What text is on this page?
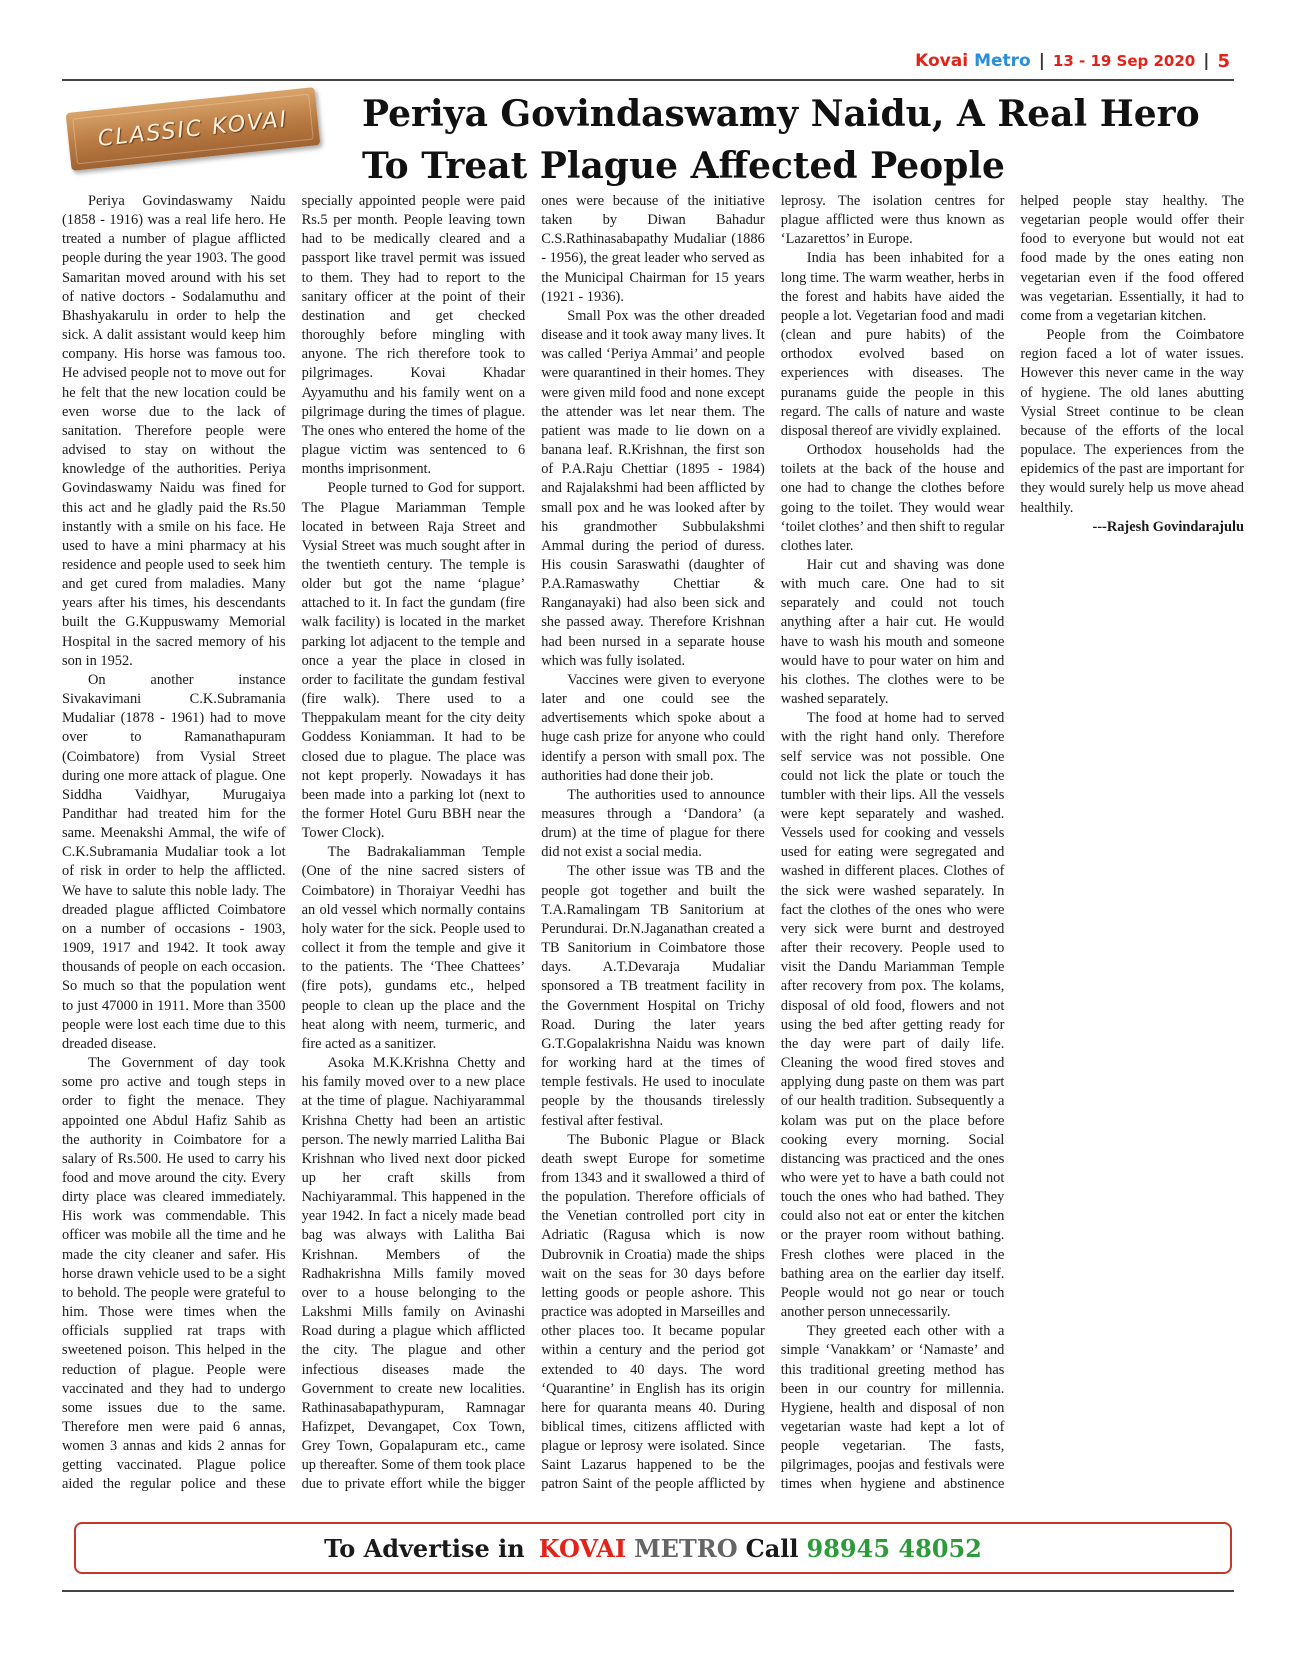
Kovai Metro | 13 - 19 Sep 2020 | 5
CLASSIC KOVAI Periya Govindaswamy Naidu, A Real Hero To Treat Plague Affected People

Periya Govindaswamy Naidu (1858 - 1916) was a real life hero. He treated a number of plague afflicted people during the year 1903. The good Samaritan moved around with his set of native doctors - Sodalamuthu and Bhashyakarulu in order to help the sick. A dalit assistant would keep him company. His horse was famous too. He advised people not to move out for he felt that the new location could be even worse due to the lack of sanitation. Therefore people were advised to stay on without the knowledge of the authorities. Periya Govindaswamy Naidu was fined for this act and he gladly paid the Rs.50 instantly with a smile on his face. He used to have a mini pharmacy at his residence and people used to seek him and get cured from maladies. Many years after his times, his descendants built the G.Kuppuswamy Memorial Hospital in the sacred memory of his son in 1952.

On another instance Sivakavimani C.K.Subramania Mudaliar (1878 - 1961) had to move over to Ramanathapuram (Coimbatore) from Vysial Street during one more attack of plague. One Siddha Vaidhyar, Murugaiya Pandithar had treated him for the same. Meenakshi Ammal, the wife of C.K.Subramania Mudaliar took a lot of risk in order to help the afflicted. We have to salute this noble lady. The dreaded plague afflicted Coimbatore on a number of occasions - 1903, 1909, 1917 and 1942. It took away thousands of people on each occasion. So much so that the population went to just 47000 in 1911. More than 3500 people were lost each time due to this dreaded disease.

The Government of day took some pro active and tough steps in order to fight the menace. They appointed one Abdul Hafiz Sahib as the authority in Coimbatore for a salary of Rs.500. He used to carry his food and move around the city. Every dirty place was cleared immediately. His work was commendable. This officer was mobile all the time and he made the city cleaner and safer. His horse drawn vehicle used to be a sight to behold. The people were grateful to him. Those were times when the officials supplied rat traps with sweetened poison. This helped in the reduction of plague. People were vaccinated and they had to undergo some issues due to the same. Therefore men were paid 6 annas, women 3 annas and kids 2 annas for getting vaccinated. Plague police aided the regular police and these specially appointed people were paid Rs.5 per month. People leaving town had to be medically cleared and a passport like travel permit was issued to them. They had to report to the sanitary officer at the point of their destination and get checked thoroughly before mingling with anyone. The rich therefore took to pilgrimages. Kovai Khadar Ayyamuthu and his family went on a pilgrimage during the times of plague. The ones who entered the home of the plague victim was sentenced to 6 months imprisonment.

People turned to God for support. The Plague Mariamman Temple located in between Raja Street and Vysial Street was much sought after in the twentieth century. The temple is older but got the name ‘plague’ attached to it. In fact the gundam (fire walk facility) is located in the market parking lot adjacent to the temple and once a year the place in closed in order to facilitate the gundam festival (fire walk). There used to a Theppakulam meant for the city deity Goddess Koniamman. It had to be closed due to plague. The place was not kept properly. Nowadays it has been made into a parking lot (next to the former Hotel Guru BBH near the Tower Clock).

The Badrakaliamman Temple (One of the nine sacred sisters of Coimbatore) in Thoraiyar Veedhi has an old vessel which normally contains holy water for the sick. People used to collect it from the temple and give it to the patients. The ‘Thee Chattees’ (fire pots), gundams etc., helped people to clean up the place and the heat along with neem, turmeric, and fire acted as a sanitizer.

Asoka M.K.Krishna Chetty and his family moved over to a new place at the time of plague. Nachiyarammal Krishna Chetty had been an artistic person. The newly married Lalitha Bai Krishnan who lived next door picked up her craft skills from Nachiyarammal. This happened in the year 1942. In fact a nicely made bead bag was always with Lalitha Bai Krishnan. Members of the Radhakrishna Mills family moved over to a house belonging to the Lakshmi Mills family on Avinashi Road during a plague which afflicted the city. The plague and other infectious diseases made the Government to create new localities. Rathinasabapathypuram, Ramnagar Hafizpet, Devangapet, Cox Town, Grey Town, Gopalapuram etc., came up thereafter. Some of them took place due to private effort while the bigger ones were because of the initiative taken by Diwan Bahadur C.S.Rathinasabapathy Mudaliar (1886 - 1956), the great leader who served as the Municipal Chairman for 15 years (1921 - 1936).

Small Pox was the other dreaded disease and it took away many lives. It was called ‘Periya Ammai’ and people were quarantined in their homes. They were given mild food and none except the attender was let near them. The patient was made to lie down on a banana leaf. R.Krishnan, the first son of P.A.Raju Chettiar (1895 - 1984) and Rajalakshmi had been afflicted by small pox and he was looked after by his grandmother Subbulakshmi Ammal during the period of duress. His cousin Saraswathi (daughter of P.A.Ramaswathy Chettiar & Ranganayaki) had also been sick and she passed away. Therefore Krishnan had been nursed in a separate house which was fully isolated.

Vaccines were given to everyone later and one could see the advertisements which spoke about a huge cash prize for anyone who could identify a person with small pox. The authorities had done their job.

The authorities used to announce measures through a ‘Dandora’ (a drum) at the time of plague for there did not exist a social media.

The other issue was TB and the people got together and built the T.A.Ramalingam TB Sanitorium at Perundurai. Dr.N.Jaganathan created a TB Sanitorium in Coimbatore those days. A.T.Devaraja Mudaliar sponsored a TB treatment facility in the Government Hospital on Trichy Road. During the later years G.T.Gopalakrishna Naidu was known for working hard at the times of temple festivals. He used to inoculate people by the thousands tirelessly festival after festival.

The Bubonic Plague or Black death swept Europe for sometime from 1343 and it swallowed a third of the population. Therefore officials of the Venetian controlled port city in Adriatic (Ragusa which is now Dubrovnik in Croatia) made the ships wait on the seas for 30 days before letting goods or people ashore. This practice was adopted in Marseilles and other places too. It became popular within a century and the period got extended to 40 days. The word ‘Quarantine’ in English has its origin here for quaranta means 40. During biblical times, citizens afflicted with plague or leprosy were isolated. Since Saint Lazarus happened to be the patron Saint of the people afflicted by leprosy. The isolation centres for plague afflicted were thus known as ‘Lazarettos’ in Europe.

India has been inhabited for a long time. The warm weather, herbs in the forest and habits have aided the people a lot. Vegetarian food and madi (clean and pure habits) of the orthodox evolved based on experiences with diseases. The puranams guide the people in this regard. The calls of nature and waste disposal thereof are vividly explained.

Orthodox households had the toilets at the back of the house and one had to change the clothes before going to the toilet. They would wear ‘toilet clothes’ and then shift to regular clothes later.

Hair cut and shaving was done with much care. One had to sit separately and could not touch anything after a hair cut. He would have to wash his mouth and someone would have to pour water on him and his clothes. The clothes were to be washed separately.

The food at home had to served with the right hand only. Therefore self service was not possible. One could not lick the plate or touch the tumbler with their lips. All the vessels were kept separately and washed. Vessels used for cooking and vessels used for eating were segregated and washed in different places. Clothes of the sick were washed separately. In fact the clothes of the ones who were very sick were burnt and destroyed after their recovery. People used to visit the Dandu Mariamman Temple after recovery from pox. The kolams, disposal of old food, flowers and not using the bed after getting ready for the day were part of daily life. Cleaning the wood fired stoves and applying dung paste on them was part of our health tradition. Subsequently a kolam was put on the place before cooking every morning. Social distancing was practiced and the ones who were yet to have a bath could not touch the ones who had bathed. They could also not eat or enter the kitchen or the prayer room without bathing. Fresh clothes were placed in the bathing area on the earlier day itself. People would not go near or touch another person unnecessarily.

They greeted each other with a simple ‘Vanakkam’ or ‘Namaste’ and this traditional greeting method has been in our country for millennia. Hygiene, health and disposal of non vegetarian waste had kept a lot of people vegetarian. The fasts, pilgrimages, poojas and festivals were times when hygiene and abstinence helped people stay healthy. The vegetarian people would offer their food to everyone but would not eat food made by the ones eating non vegetarian even if the food offered was vegetarian. Essentially, it had to come from a vegetarian kitchen.

People from the Coimbatore region faced a lot of water issues. However this never came in the way of hygiene. The old lanes abutting Vysial Street continue to be clean because of the efforts of the local populace. The experiences from the epidemics of the past are important for they would surely help us move ahead healthily.

---Rajesh Govindarajulu

To Advertise in KOVAI METRO Call 98945 48052
